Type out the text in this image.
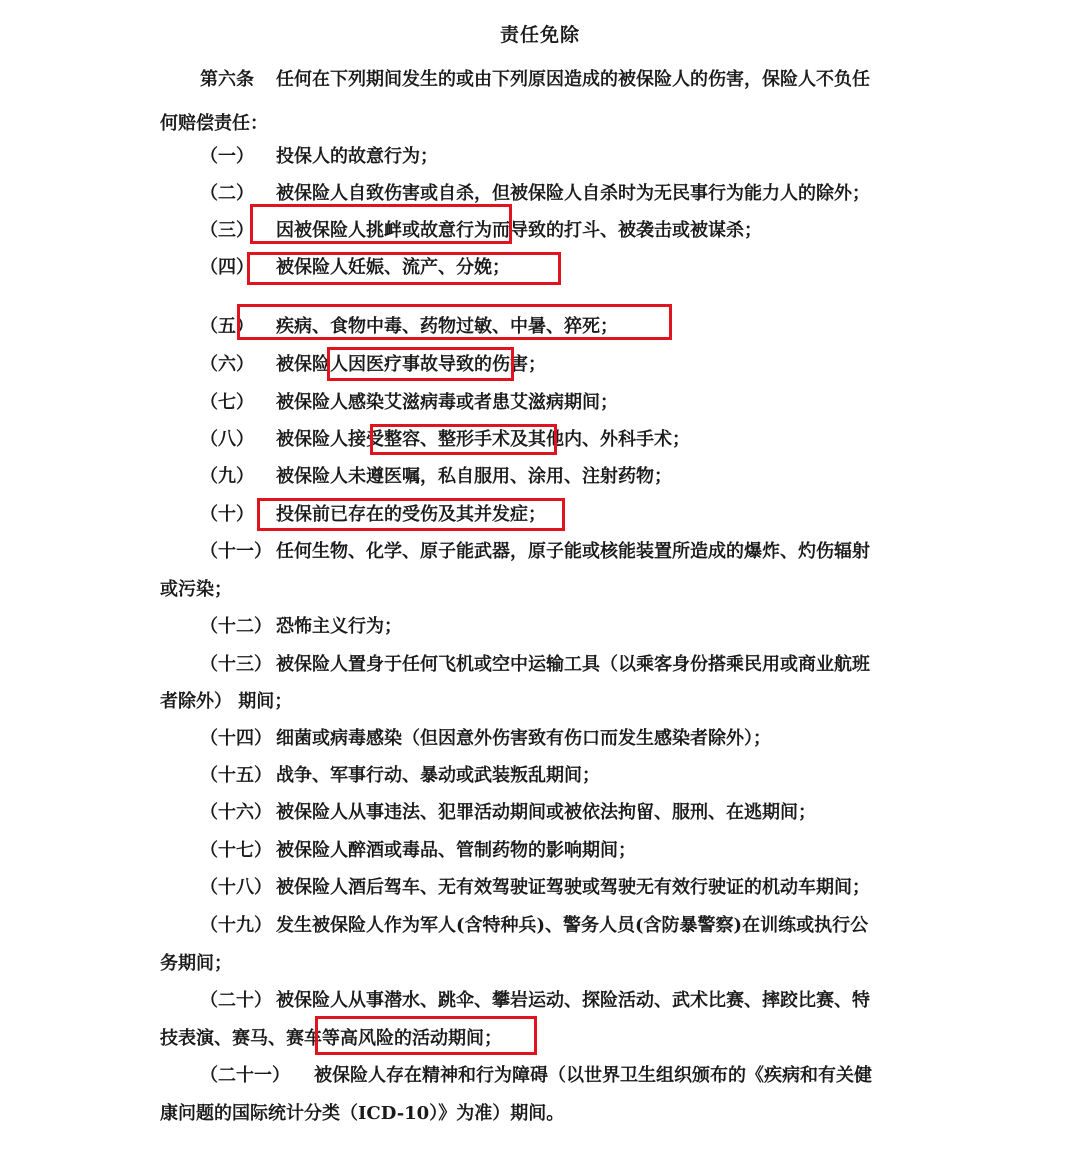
责任免除
第六条 任何在下列期间发生的或由下列原因造成的被保险人的伤害，保险人不负任
何赔偿责任：
（一） 投保人的故意行为；
（二） 被保险人自致伤害或自杀，但被保险人自杀时为无民事行为能力人的除外；
（三） 因被保险人挑衅或故意行为而导致的打斗、被袭击或被谋杀；
（四） 被保险人妊娠、流产、分娩；
（五） 疾病、食物中毒、药物过敏、中暑、猝死；
（六） 被保险人因医疗事故导致的伤害；
（七） 被保险人感染艾滋病毒或者患艾滋病期间；
（八） 被保险人接受整容、整形手术及其他内、外科手术；
（九） 被保险人未遵医嘱，私自服用、涂用、注射药物；
（十） 投保前已存在的受伤及其并发症；
（十一） 任何生物、化学、原子能武器，原子能或核能装置所造成的爆炸、灼伤辐射
或污染；
（十二） 恐怖主义行为；
（十三） 被保险人置身于任何飞机或空中运输工具（以乘客身份搭乘民用或商业航班
者除外） 期间；
（十四） 细菌或病毒感染（但因意外伤害致有伤口而发生感染者除外）；
（十五） 战争、军事行动、暴动或武装叛乱期间；
（十六） 被保险人从事违法、犯罪活动期间或被依法拘留、服刑、在逃期间；
（十七） 被保险人醉酒或毒品、管制药物的影响期间；
（十八） 被保险人酒后驾车、无有效驾驶证驾驶或驾驶无有效行驶证的机动车期间；
（十九） 发生被保险人作为军人(含特种兵)、警务人员(含防暴警察)在训练或执行公
务期间；
（二十） 被保险人从事潜水、跳伞、攀岩运动、探险活动、武术比赛、摔跤比赛、特
技表演、赛马、赛车等高风险的活动期间；
（二十一） 被保险人存在精神和行为障碍（以世界卫生组织颁布的《疾病和有关健
康问题的国际统计分类（ICD-10）》为准）期间。
